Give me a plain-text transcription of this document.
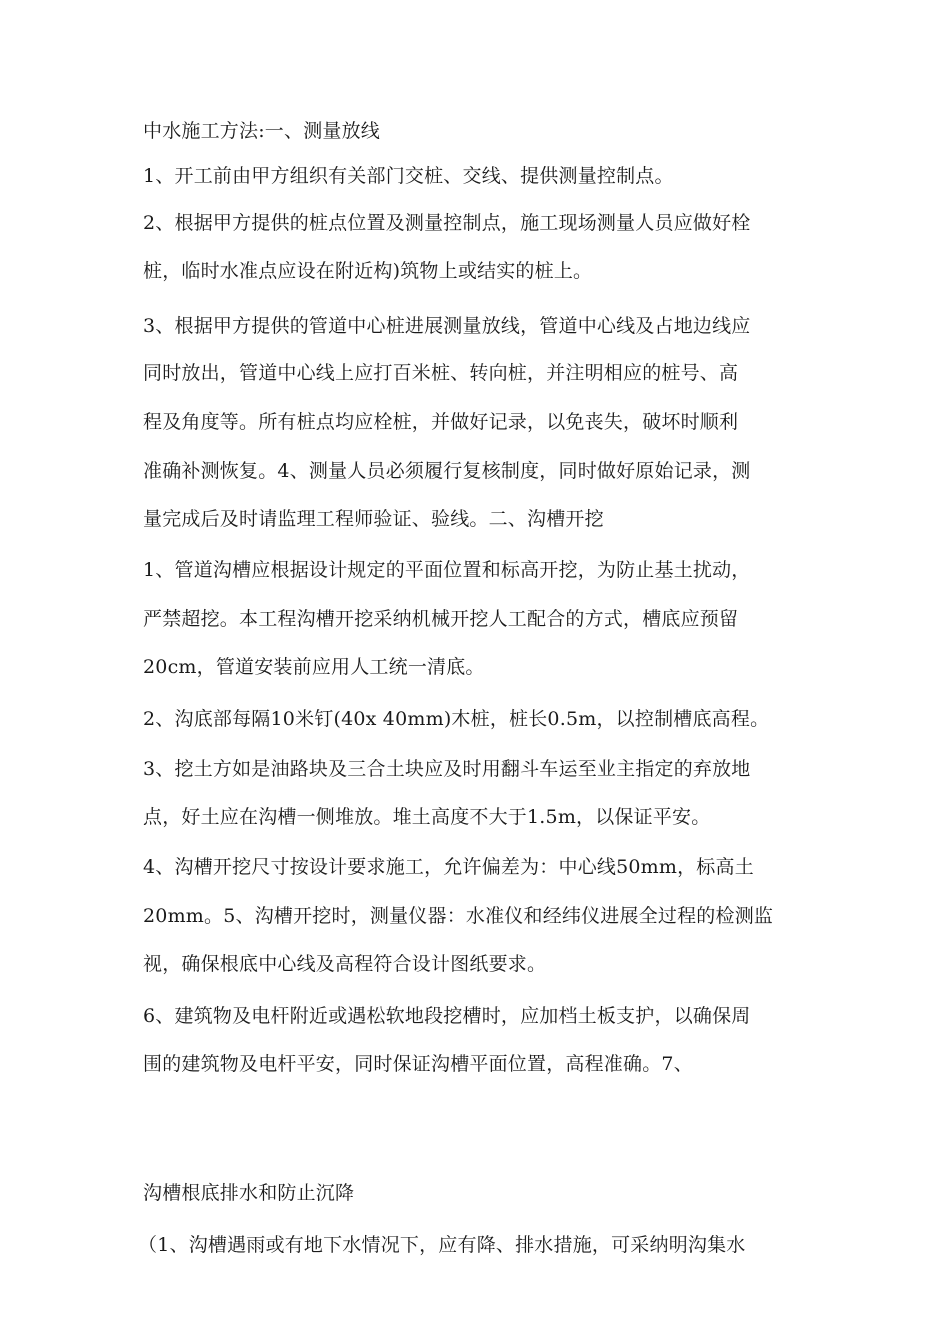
中水施工方法:一、测量放线
1、开工前由甲方组织有关部门交桩、交线、提供测量控制点。
2、根据甲方提供的桩点位置及测量控制点，施工现场测量人员应做好栓
桩，临时水准点应设在附近构)筑物上或结实的桩上。
3、根据甲方提供的管道中心桩进展测量放线，管道中心线及占地边线应
同时放出，管道中心线上应打百米桩、转向桩，并注明相应的桩号、高
程及角度等。所有桩点均应栓桩，并做好记录，以免丧失，破坏时顺利
准确补测恢复。4、测量人员必须履行复核制度，同时做好原始记录，测
量完成后及时请监理工程师验证、验线。二、沟槽开挖
1、管道沟槽应根据设计规定的平面位置和标高开挖，为防止基土扰动，
严禁超挖。本工程沟槽开挖采纳机械开挖人工配合的方式，槽底应预留
20cm，管道安装前应用人工统一清底。
2、沟底部每隔10米钉(40x 40mm)木桩，桩长0.5m，以控制槽底高程。
3、挖土方如是油路块及三合土块应及时用翻斗车运至业主指定的弃放地
点，好土应在沟槽一侧堆放。堆土高度不大于1.5m，以保证平安。
4、沟槽开挖尺寸按设计要求施工，允许偏差为：中心线50mm，标高土
20mm。5、沟槽开挖时，测量仪器：水准仪和经纬仪进展全过程的检测监
视，确保根底中心线及高程符合设计图纸要求。
6、建筑物及电杆附近或遇松软地段挖槽时，应加档土板支护，以确保周
围的建筑物及电杆平安，同时保证沟槽平面位置，高程准确。7、
沟槽根底排水和防止沉降
（1、沟槽遇雨或有地下水情况下，应有降、排水措施，可采纳明沟集水
